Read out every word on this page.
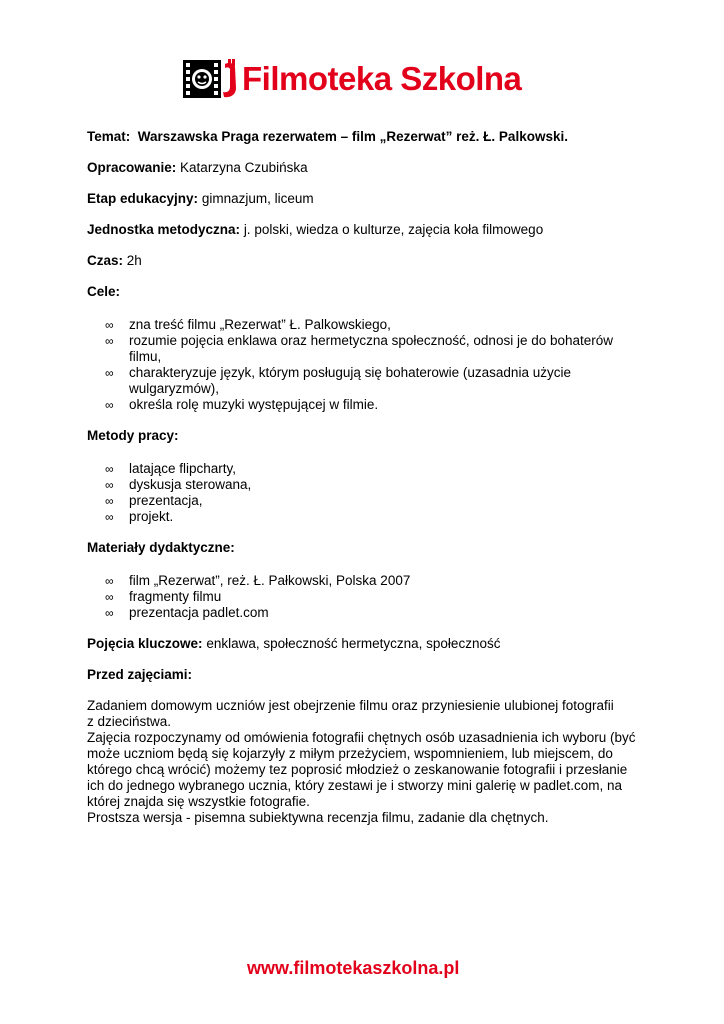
Filmoteka Szkolna

Temat: Warszawska Praga rezerwatem – film „Rezerwat” reż. Ł. Palkowski.

Opracowanie: Katarzyna Czubińska

Etap edukacyjny: gimnazjum, liceum

Jednostka metodyczna: j. polski, wiedza o kulturze, zajęcia koła filmowego

Czas: 2h

Cele:

∞ zna treść filmu „Rezerwat” Ł. Palkowskiego,
∞ rozumie pojęcia enklawa oraz hermetyczna społeczność, odnosi je do bohaterów filmu,
∞ charakteryzuje język, którym posługują się bohaterowie (uzasadnia użycie wulgaryzmów),
∞ określa rolę muzyki występującej w filmie.

Metody pracy:

∞ latające flipcharty,
∞ dyskusja sterowana,
∞ prezentacja,
∞ projekt.

Materiały dydaktyczne:

∞ film „Rezerwat”, reż. Ł. Pałkowski, Polska 2007
∞ fragmenty filmu
∞ prezentacja padlet.com

Pojęcia kluczowe: enklawa, społeczność hermetyczna, społeczność

Przed zajęciami:

Zadaniem domowym uczniów jest obejrzenie filmu oraz przyniesienie ulubionej fotografii

z dzieciństwa.

Zajęcia rozpoczynamy od omówienia fotografii chętnych osób uzasadnienia ich wyboru (być

może uczniom będą się kojarzyły z miłym przeżyciem, wspomnieniem, lub miejscem, do

którego chcą wrócić) możemy tez poprosić młodzież o zeskanowanie fotografii i przesłanie

ich do jednego wybranego ucznia, który zestawi je i stworzy mini galerię w padlet.com, na

której znajda się wszystkie fotografie.

Prostsza wersja - pisemna subiektywna recenzja filmu, zadanie dla chętnych.

www.filmotekaszkolna.pl
